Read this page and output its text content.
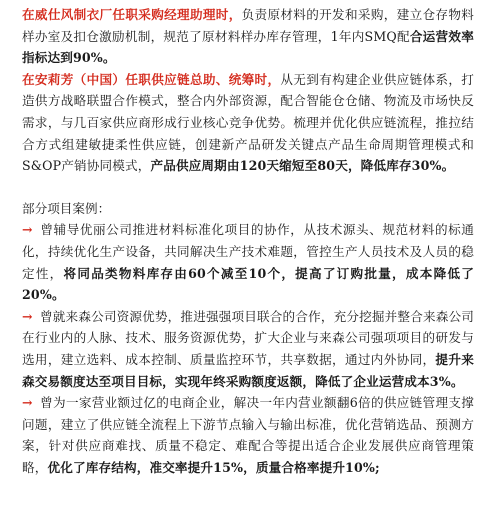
在威仕风制衣厂任职采购经理助理时，负责原材料的开发和采购，建立仓存物料样办室及扣仓激励机制，规范了原材料样办库存管理，1年内SMQ配合运营效率指标达到90%。

在安莉芳（中国）任职供应链总助、统筹时，从无到有构建企业供应链体系，打造供方战略联盟合作模式，整合内外部资源，配合智能仓仓储、物流及市场快反需求，与几百家供应商形成行业核心竞争优势。梳理并优化供应链流程，推拉结合方式组建敏捷柔性供应链，创建新产品研发关键点产品生命周期管理模式和S&OP产销协同模式，产品供应周期由120天缩短至80天，降低库存30%。

部分项目案例：

→ 曾辅导优丽公司推进材料标准化项目的协作，从技术源头、规范材料的标通化，持续优化生产设备，共同解决生产技术难题，管控生产人员技术及人员的稳定性，将同品类物料库存由60个减至10个，提高了订购批量，成本降低了20%。

→ 曾就来森公司资源优势，推进强强项目联合的合作，充分挖掘并整合来森公司在行业内的人脉、技术、服务资源优势，扩大企业与来森公司强项项目的研发与选用，建立选料、成本控制、质量监控环节，共享数据，通过内外协同，提升来森交易额度达至项目目标，实现年终采购额度返额，降低了企业运营成本3%。

→ 曾为一家营业额过亿的电商企业，解决一年内营业额翻6倍的供应链管理支撑问题，建立了供应链全流程上下游节点输入与输出标准，优化营销选品、预测方案，针对供应商难找、质量不稳定、难配合等提出适合企业发展供应商管理策略，优化了库存结构，准交率提升15%，质量合格率提升10%;
